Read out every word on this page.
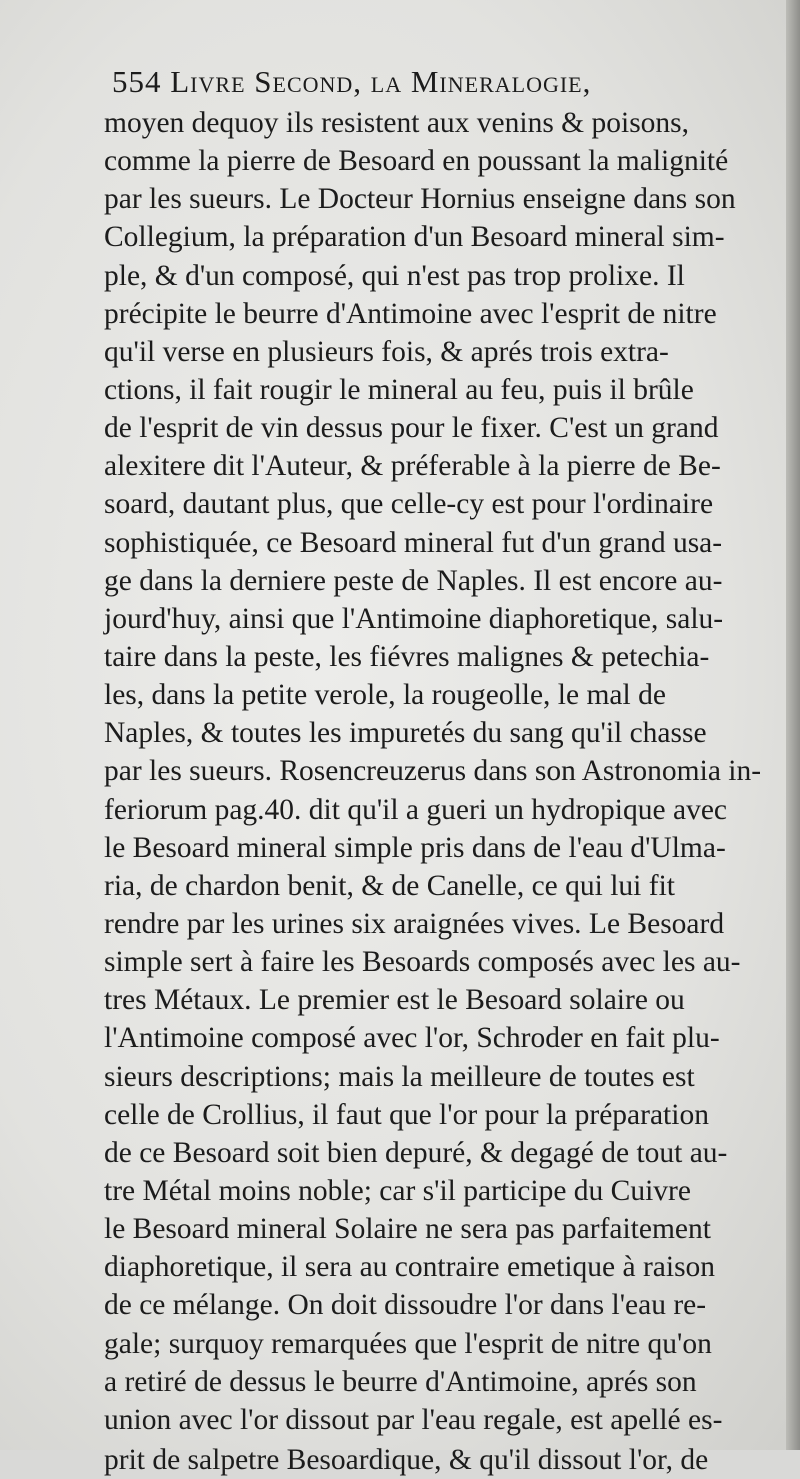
554 Livre Second, la Mineralogie,
moyen dequoy ils resistent aux venins & poisons,
comme la pierre de Besoard en poussant la malignité
par les sueurs. Le Docteur Hornius enseigne dans son
Collegium, la préparation d'un Besoard mineral sim-
ple, & d'un composé, qui n'est pas trop prolixe. Il
précipite le beurre d'Antimoine avec l'esprit de nitre
qu'il verse en plusieurs fois, & aprés trois extra-
ctions, il fait rougir le mineral au feu, puis il brûle
de l'esprit de vin dessus pour le fixer. C'est un grand
alexitere dit l'Auteur, & préferable à la pierre de Be-
soard, dautant plus, que celle-cy est pour l'ordinaire
sophistiquée, ce Besoard mineral fut d'un grand usa-
ge dans la derniere peste de Naples. Il est encore au-
jourd'huy, ainsi que l'Antimoine diaphoretique, salu-
taire dans la peste, les fiévres malignes & petechia-
les, dans la petite verole, la rougeolle, le mal de
Naples, & toutes les impuretés du sang qu'il chasse
par les sueurs. Rosencreuzerus dans son Astronomia in-
feriorum pag.40. dit qu'il a gueri un hydropique avec
le Besoard mineral simple pris dans de l'eau d'Ulma-
ria, de chardon benit, & de Canelle, ce qui lui fit
rendre par les urines six araignées vives. Le Besoard
simple sert à faire les Besoards composés avec les au-
tres Métaux. Le premier est le Besoard solaire ou
l'Antimoine composé avec l'or, Schroder en fait plu-
sieurs descriptions; mais la meilleure de toutes est
celle de Crollius, il faut que l'or pour la préparation
de ce Besoard soit bien depuré, & degagé de tout au-
tre Métal moins noble; car s'il participe du Cuivre
le Besoard mineral Solaire ne sera pas parfaitement
diaphoretique, il sera au contraire emetique à raison
de ce mélange. On doit dissoudre l'or dans l'eau re-
gale; surquoy remarquées que l'esprit de nitre qu'on
a retiré de dessus le beurre d'Antimoine, aprés son
union avec l'or dissout par l'eau regale, est apellé es-
prit de salpetre Besoardique, & qu'il dissout l'or, de
